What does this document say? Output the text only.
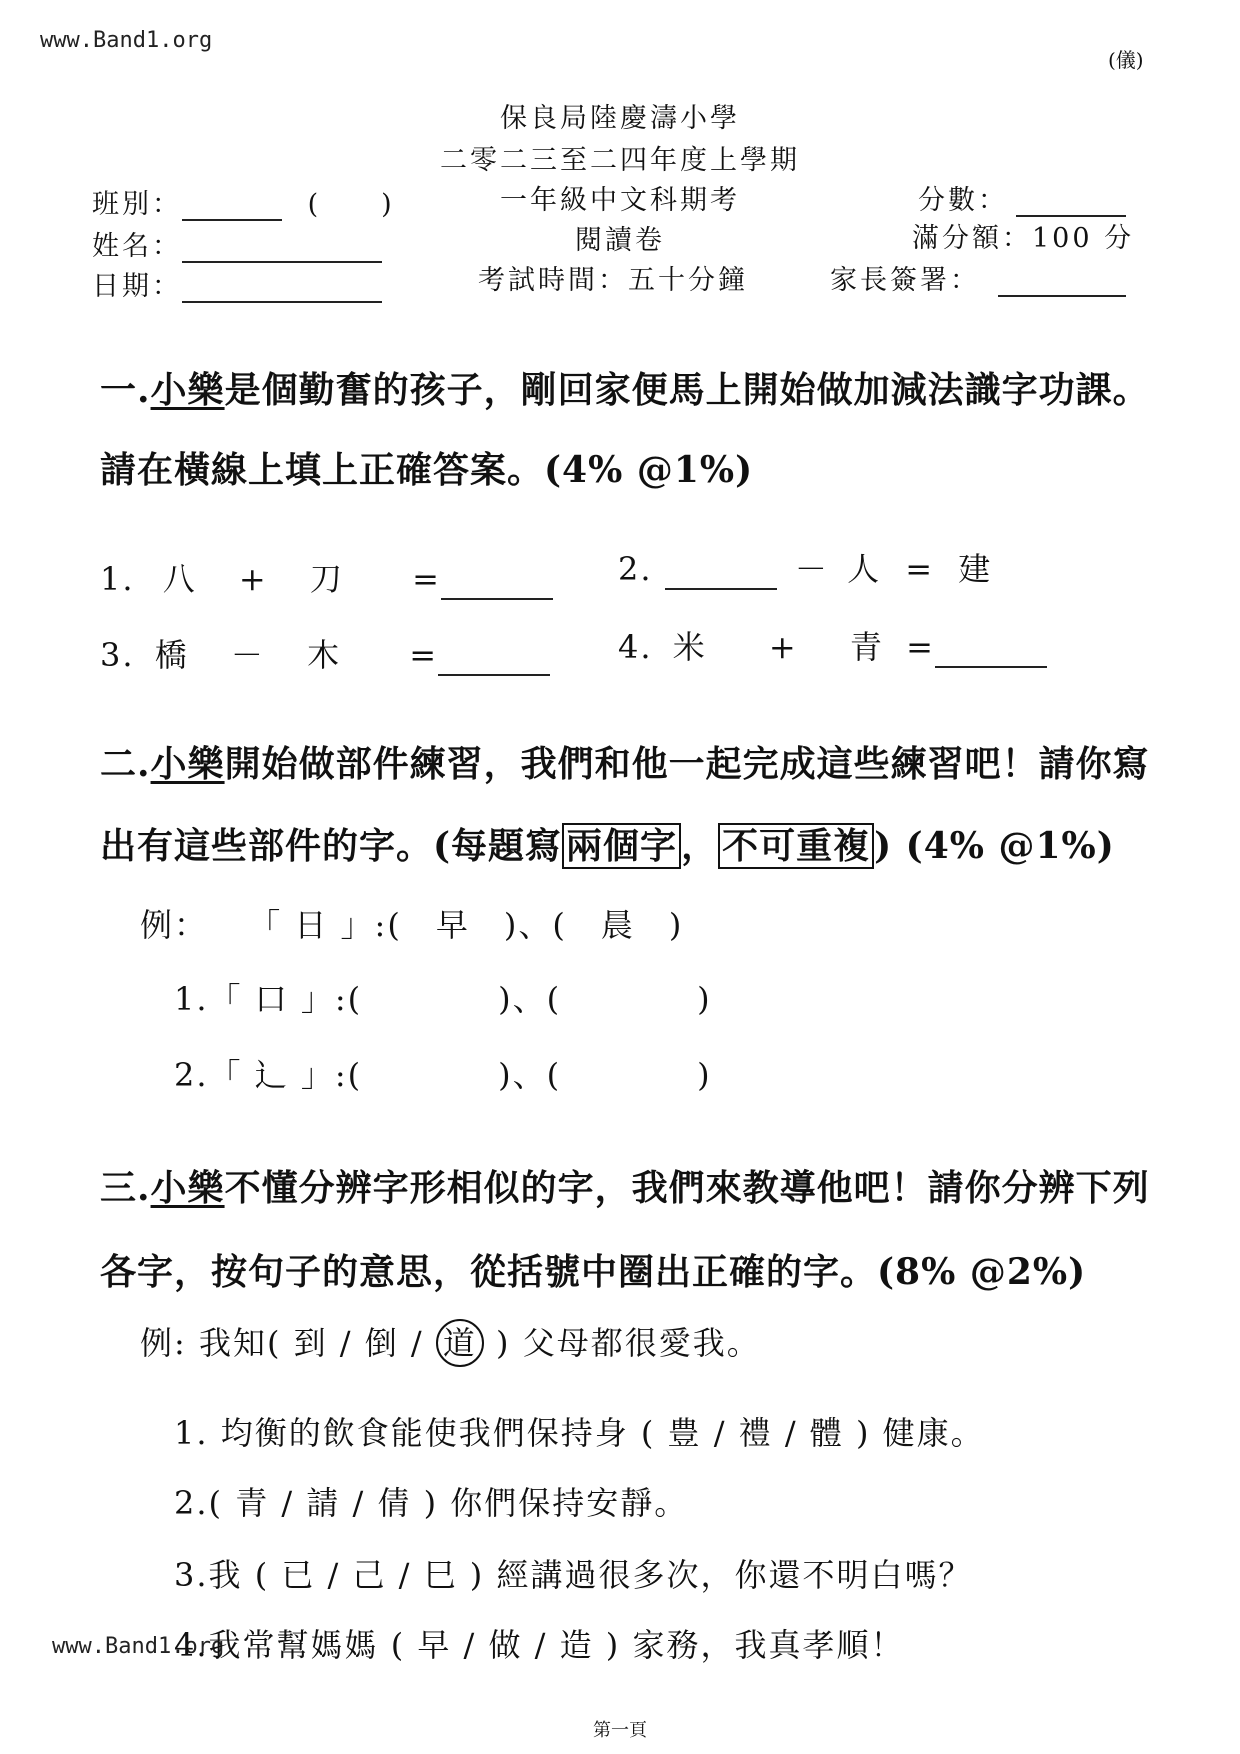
www.Band1.org
www.Band1.org
(儀)
保良局陸慶濤小學
二零二三至二四年度上學期
一年級中文科期考
閱讀卷
考試時間：五十分鐘
班別：	(　　)
姓名：
日期：
分數：
滿分額：100 分
家長簽署：
一.小樂是個勤奮的孩子，剛回家便馬上開始做加減法識字功課。
請在橫線上填上正確答案。(4% @1%)
1. 八 + 刀 =	2.	－ 人 = 建
3. 橋 － 木 =	4. 米 + 青 =
二.小樂開始做部件練習，我們和他一起完成這些練習吧！請你寫
出有這些部件的字。(每題寫 兩個字 ， 不可重複 ) (4% @1%)
例： 「 日 」:(　早　)、(　晨　)
1.「 口 」:(　　　　)、(　　　　)
2.「 辶 」:(　　　　)、(　　　　)
三.小樂不懂分辨字形相似的字，我們來教導他吧！請你分辨下列
各字，按句子的意思，從括號中圈出正確的字。(8% @2%)
例: 我知( 到 / 倒 / 道 ) 父母都很愛我。
1. 均衡的飲食能使我們保持身 ( 豊 / 禮 / 體 ) 健康。
2.( 青 / 請 / 倩 ) 你們保持安靜。
3.我 ( 已 / 己 / 巳 ) 經講過很多次，你還不明白嗎？
4.我常幫媽媽 ( 早 / 做 / 造 ) 家務，我真孝順！
第一頁
